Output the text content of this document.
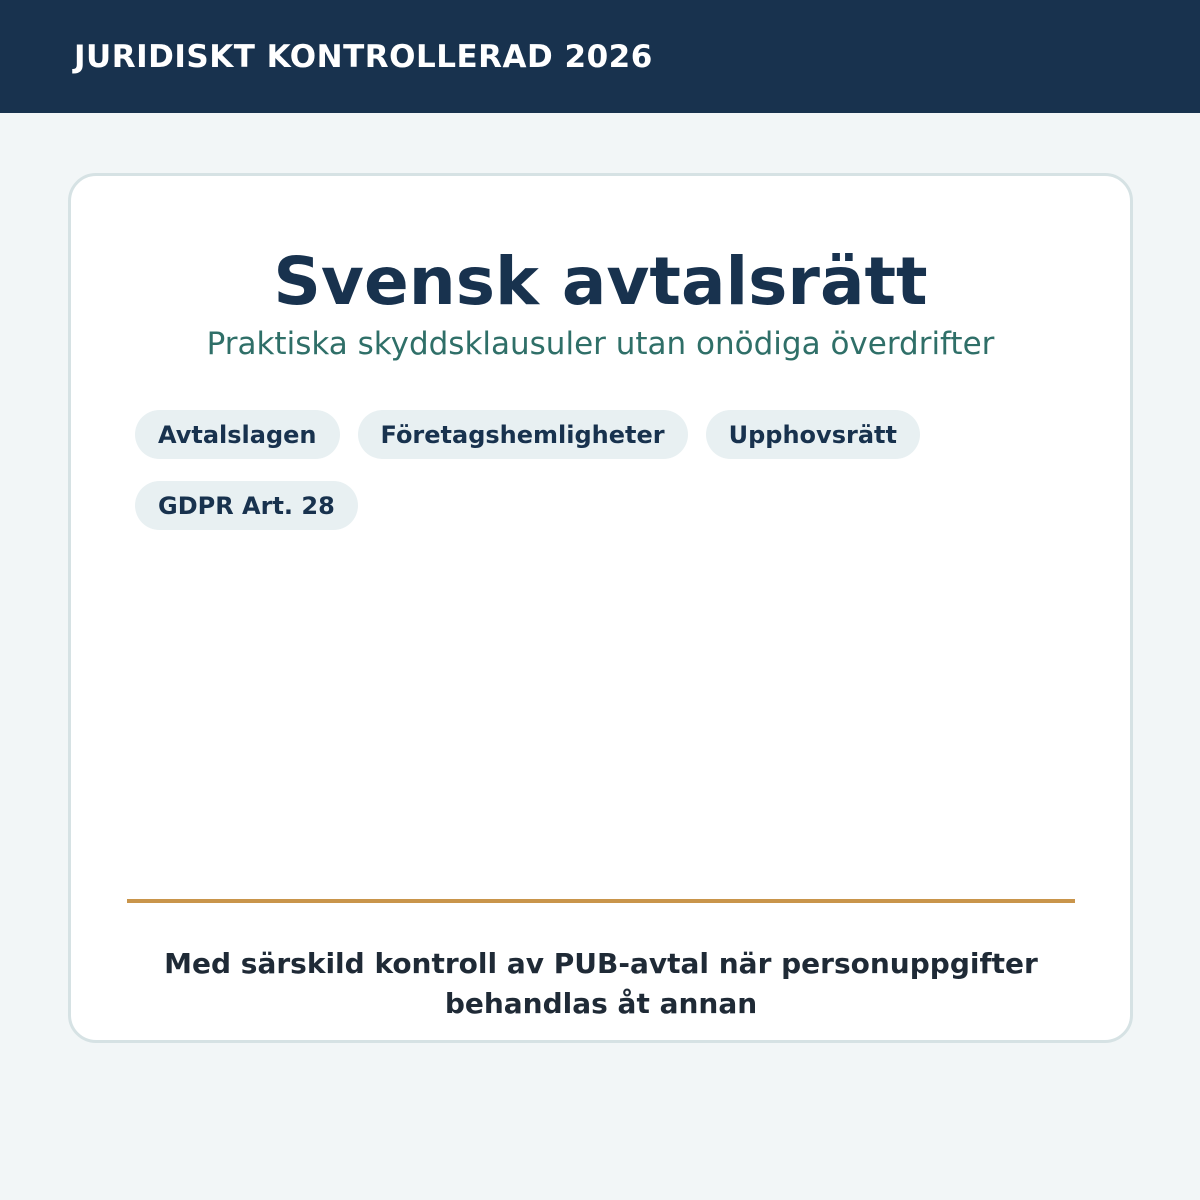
JURIDISKT KONTROLLERAD 2026
Svensk avtalsrätt
Praktiska skyddsklausuler utan onödiga överdrifter
Avtalslagen	Företagshemligheter	Upphovsrätt
GDPR Art. 28
Med särskild kontroll av PUB-avtal när personuppgifter behandlas åt annan
